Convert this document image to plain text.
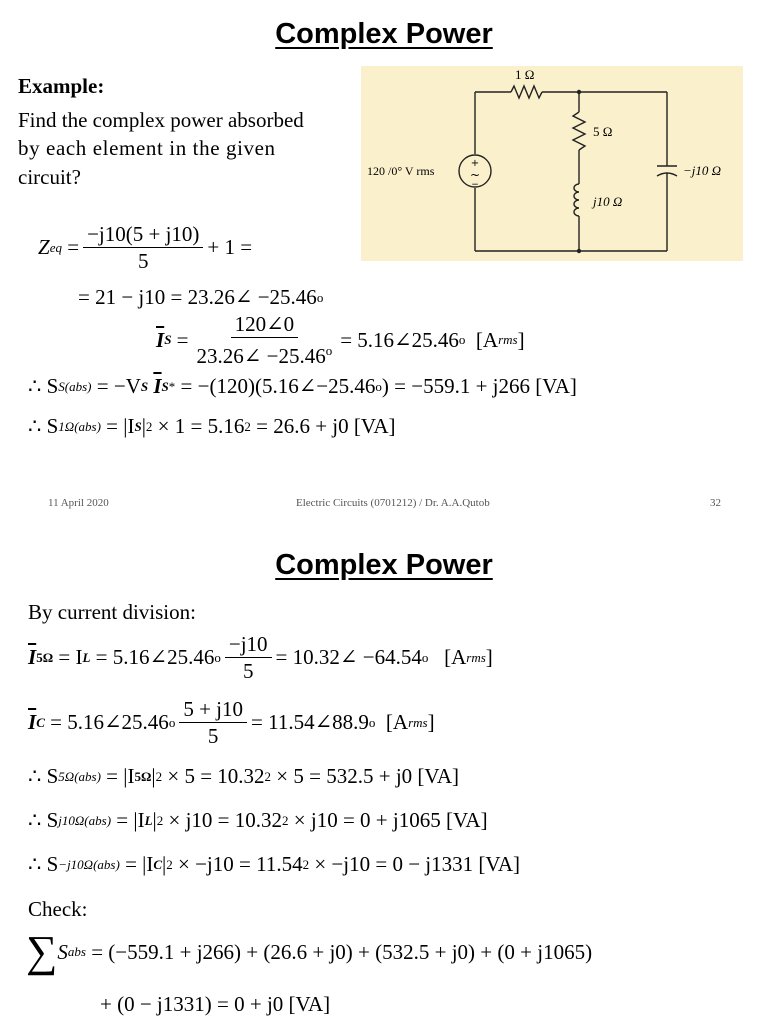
Complex Power
Example:
Find the complex power absorbed
by each element in the given
circuit?
+
~
−
1 Ω
5 Ω
j10 Ω
−j10 Ω
120 /0° V rms
Z eq = $\frac{-j10(5 + j10)}{5} + 1$ =
= 21 − j10 = 23.26∠ −25.46 o
$\overline{I}$ $S = \frac{120\angle 0}{23.26\angle -25.46^o}$ = 5.16∠25.46 o
[A rms ]
∴ S S(abs)
= −V S
$\overline{I}$ S *
= −(120)(5.16∠−25.46 o ) = −559.1 + j266 [VA]
∴ S 1Ω(abs)
= |I S | 2
× 1 = 5.16 2
= 26.6 + j0 [VA]
11 April 2020	Electric Circuits (0701212) / Dr. A.A.Qutob	32
Complex Power
By current division:
$\overline{I}$ 5Ω
= I L
= 5.16∠25.46 o $\frac{-j10}{5}$ = 10.32∠ −64.54 o
[A rms ]
$\overline{I}$ C
= 5.16∠25.46 o $\frac{5 + j10}{5}$ = 11.54∠88.9 o
[A rms ]
∴ S 5Ω(abs)
= |I 5Ω | 2
× 5 = 10.32 2
× 5 = 532.5 + j0 [VA]
∴ S j10Ω(abs)
= |I L | 2
× j10 = 10.32 2
× j10 = 0 + j1065 [VA]
∴ S −j10Ω(abs)
= |I C | 2
× −j10 = 11.54 2
× −j10 = 0 − j1331 [VA]
Check:
∑ S abs
= (−559.1 + j266) + (26.6 + j0) + (532.5 + j0) + (0 + j1065)
+ (0 − j1331) = 0 + j0 [VA]
